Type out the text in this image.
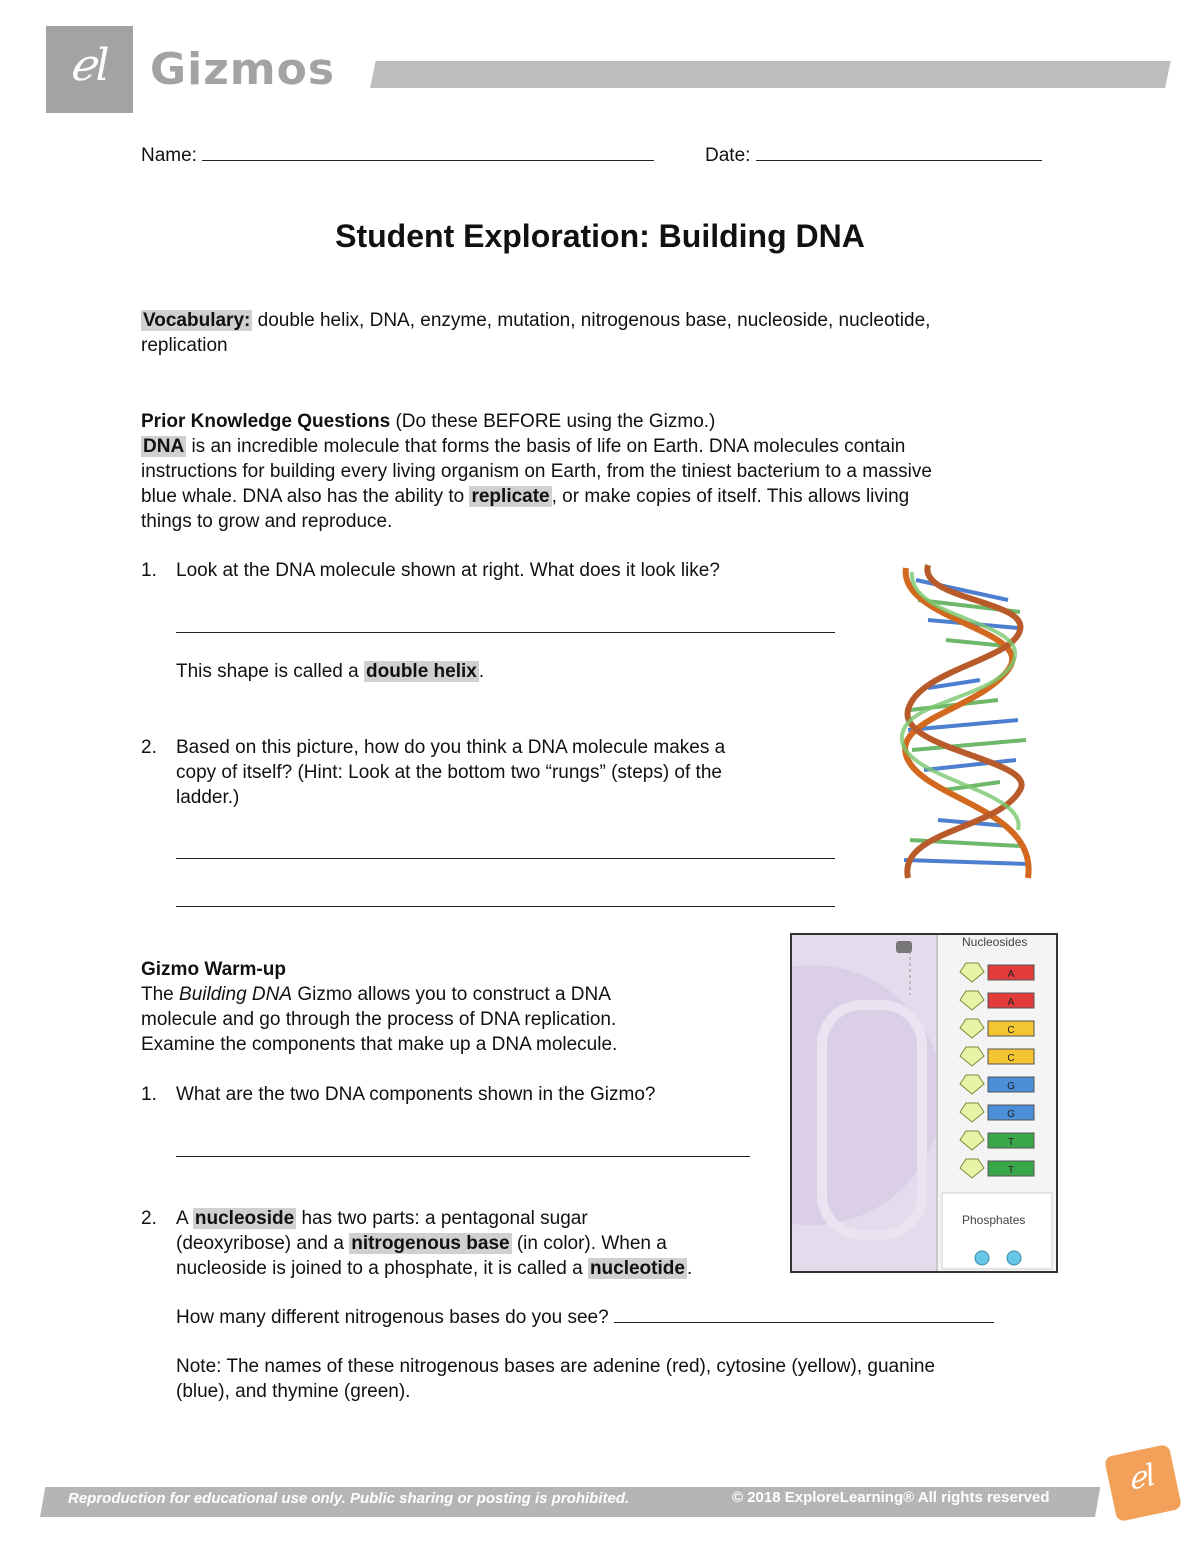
ℯl Gizmos
Name:	Date:
Student Exploration: Building DNA
Vocabulary: double helix, DNA, enzyme, mutation, nitrogenous base, nucleoside, nucleotide,
replication
Prior Knowledge Questions (Do these BEFORE using the Gizmo.)
DNA is an incredible molecule that forms the basis of life on Earth. DNA molecules contain
instructions for building every living organism on Earth, from the tiniest bacterium to a massive
blue whale. DNA also has the ability to replicate , or make copies of itself. This allows living
things to grow and reproduce.
1.	Look at the DNA molecule shown at right. What does it look like?
This shape is called a double helix .
2.	Based on this picture, how do you think a DNA molecule makes a
copy of itself? (Hint: Look at the bottom two “rungs” (steps) of the
ladder.)
Gizmo Warm-up
The Building DNA Gizmo allows you to construct a DNA
molecule and go through the process of DNA replication.
Examine the components that make up a DNA molecule.
1.	What are the two DNA components shown in the Gizmo?
2.	A nucleoside has two parts: a pentagonal sugar
(deoxyribose) and a nitrogenous base (in color). When a
nucleoside is joined to a phosphate, it is called a nucleotide .
How many different nitrogenous bases do you see?
Note: The names of these nitrogenous bases are adenine (red), cytosine (yellow), guanine
(blue), and thymine (green).
A
A
C
C
G
G
T
T
Nucleosides
Phosphates
Reproduction for educational use only. Public sharing or posting is prohibited.	© 2018 ExploreLearning® All rights reserved	ℯl
